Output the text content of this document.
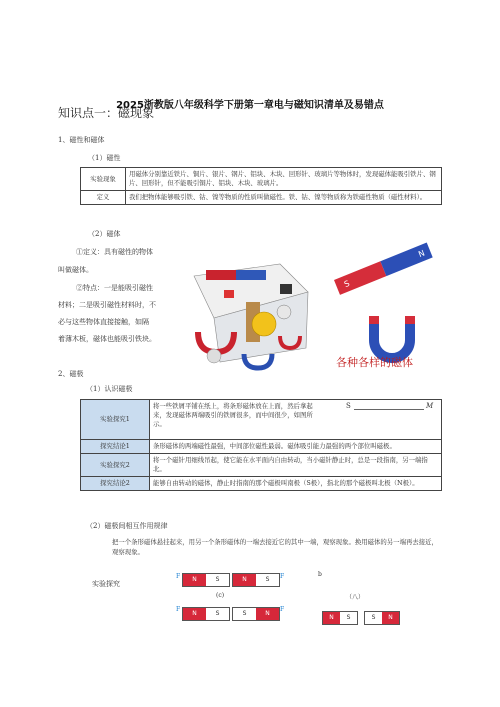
2025浙教版八年级科学下册第一章电与磁知识清单及易错点
知识点一：磁现象
1、磁性和磁体
（1）磁性
实验现象	用磁体分别靠近铁片、铜片、银片、钢片、铝块、木块、回形针、玻璃片等物体时，发现磁体能吸引铁片、钢片、回形针，但不能吸引铜片、铝块、木块、玻璃片。
定义	我们把物体能够吸引铁、钴、镍等物质的性质叫做磁性。铁、钴、镍等物质称为铁磁性物质（磁性材料）。
（2）磁体
①定义：具有磁性的物体
叫做磁体。
②特点：一是能吸引磁性
材料；二是吸引磁性材料时，不
必与这些物体直接接触，如隔
着薄木板，磁体也能吸引铁块。
S
N
各种各样的磁体
2、磁极
（1）认识磁极
实验探究1	将一些铁屑平铺在纸上，将条形磁体放在上面，然后拿起来，发现磁体两端吸引的铁屑很多，而中间很少，如图所示。
探究结论1	条形磁体的两端磁性最强，中间部位磁性最弱。磁体吸引能力最强的两个部位叫磁极。
实验探究2	将一个磁针用细线吊起，使它能在水平面内自由转动，当小磁针静止时，总是一段指南，另一端指北。
探究结论2	能够自由转动的磁体，静止时指南的那个磁极叫南极（S极），指北的那个磁极叫北极（N极）。
S	M
（2）磁极间相互作用规律
把一个条形磁体悬挂起来，用另一个条形磁体的一端去接近它的其中一端，观察现象。换用磁体的另一端再去接近，观察现象。
实验探究
F	N	S	N	S	F
(c)
b
（八）
F
N	S	S	N
F
N	S	S	N
